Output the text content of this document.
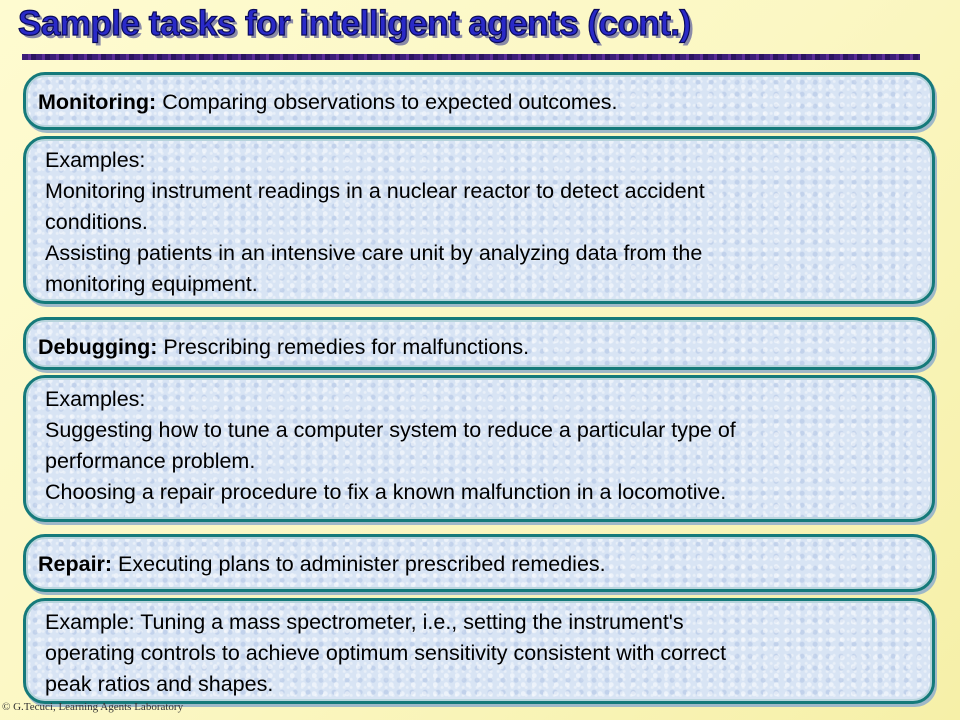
Sample tasks for intelligent agents (cont.)
Monitoring: Comparing observations to expected outcomes.
Examples:
Monitoring instrument readings in a nuclear reactor to detect accident
conditions.
Assisting patients in an intensive care unit by analyzing data from the
monitoring equipment.
Debugging: Prescribing remedies for malfunctions.
Examples:
Suggesting how to tune a computer system to reduce a particular type of
performance problem.
Choosing a repair procedure to fix a known malfunction in a locomotive.
Repair: Executing plans to administer prescribed remedies.
Example: Tuning a mass spectrometer, i.e., setting the instrument's
operating controls to achieve optimum sensitivity consistent with correct
peak ratios and shapes.
© G.Tecuci, Learning Agents Laboratory
